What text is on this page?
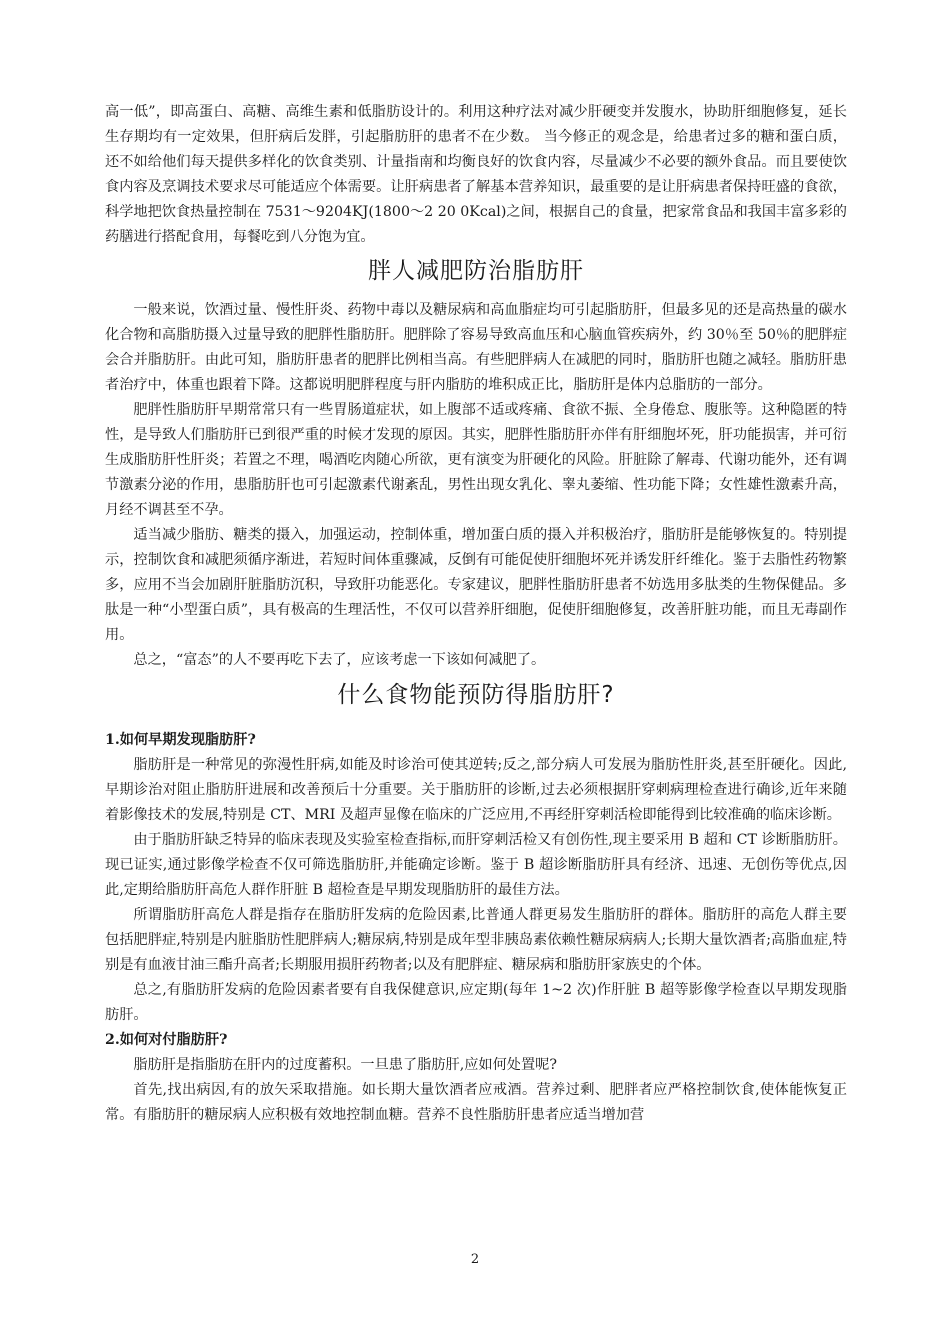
高一低”，即高蛋白、高糖、高维生素和低脂肪设计的。利用这种疗法对减少肝硬变并发腹水，协助肝细胞修复，延长生存期均有一定效果，但肝病后发胖，引起脂肪肝的患者不在少数。 当今修正的观念是，给患者过多的糖和蛋白质，还不如给他们每天提供多样化的饮食类别、计量指南和均衡良好的饮食内容，尽量减少不必要的额外食品。而且要使饮食内容及烹调技术要求尽可能适应个体需要。让肝病患者了解基本营养知识，最重要的是让肝病患者保持旺盛的食欲，科学地把饮食热量控制在 7531～9204KJ(1800～2 20 0Kcal)之间，根据自己的食量，把家常食品和我国丰富多彩的药膳进行搭配食用，每餐吃到八分饱为宜。

胖人减肥防治脂肪肝

一般来说，饮酒过量、慢性肝炎、药物中毒以及糖尿病和高血脂症均可引起脂肪肝，但最多见的还是高热量的碳水化合物和高脂肪摄入过量导致的肥胖性脂肪肝。肥胖除了容易导致高血压和心脑血管疾病外，约 30％至 50％的肥胖症会合并脂肪肝。由此可知，脂肪肝患者的肥胖比例相当高。有些肥胖病人在减肥的同时，脂肪肝也随之减轻。脂肪肝患者治疗中，体重也跟着下降。这都说明肥胖程度与肝内脂肪的堆积成正比，脂肪肝是体内总脂肪的一部分。

肥胖性脂肪肝早期常常只有一些胃肠道症状，如上腹部不适或疼痛、食欲不振、全身倦怠、腹胀等。这种隐匿的特性，是导致人们脂肪肝已到很严重的时候才发现的原因。其实，肥胖性脂肪肝亦伴有肝细胞坏死，肝功能损害，并可衍生成脂肪肝性肝炎；若置之不理，喝酒吃肉随心所欲，更有演变为肝硬化的风险。肝脏除了解毒、代谢功能外，还有调节激素分泌的作用，患脂肪肝也可引起激素代谢紊乱，男性出现女乳化、睾丸萎缩、性功能下降；女性雄性激素升高，月经不调甚至不孕。

适当减少脂肪、糖类的摄入，加强运动，控制体重，增加蛋白质的摄入并积极治疗，脂肪肝是能够恢复的。特别提示，控制饮食和减肥须循序渐进，若短时间体重骤减，反倒有可能促使肝细胞坏死并诱发肝纤维化。鉴于去脂性药物繁多，应用不当会加剧肝脏脂肪沉积，导致肝功能恶化。专家建议，肥胖性脂肪肝患者不妨选用多肽类的生物保健品。多肽是一种“小型蛋白质”，具有极高的生理活性，不仅可以营养肝细胞，促使肝细胞修复，改善肝脏功能，而且无毒副作用。

总之，“富态”的人不要再吃下去了，应该考虑一下该如何减肥了。

什么食物能预防得脂肪肝?

1.如何早期发现脂肪肝?

脂肪肝是一种常见的弥漫性肝病,如能及时诊治可使其逆转;反之,部分病人可发展为脂肪性肝炎,甚至肝硬化。因此,早期诊治对阻止脂肪肝进展和改善预后十分重要。关于脂肪肝的诊断,过去必须根据肝穿刺病理检查进行确诊,近年来随着影像技术的发展,特别是 CT、MRI 及超声显像在临床的广泛应用,不再经肝穿刺活检即能得到比较准确的临床诊断。

由于脂肪肝缺乏特异的临床表现及实验室检查指标,而肝穿刺活检又有创伤性,现主要采用 B 超和 CT 诊断脂肪肝。现已证实,通过影像学检查不仅可筛选脂肪肝,并能确定诊断。鉴于 B 超诊断脂肪肝具有经济、迅速、无创伤等优点,因此,定期给脂肪肝高危人群作肝脏 B 超检查是早期发现脂肪肝的最佳方法。

所谓脂肪肝高危人群是指存在脂肪肝发病的危险因素,比普通人群更易发生脂肪肝的群体。脂肪肝的高危人群主要包括肥胖症,特别是内脏脂肪性肥胖病人;糖尿病,特别是成年型非胰岛素依赖性糖尿病病人;长期大量饮酒者;高脂血症,特别是有血液甘油三酯升高者;长期服用损肝药物者;以及有肥胖症、糖尿病和脂肪肝家族史的个体。

总之,有脂肪肝发病的危险因素者要有自我保健意识,应定期(每年 1~2 次)作肝脏 B 超等影像学检查以早期发现脂肪肝。

2.如何对付脂肪肝?

脂肪肝是指脂肪在肝内的过度蓄积。一旦患了脂肪肝,应如何处置呢?

首先,找出病因,有的放矢采取措施。如长期大量饮酒者应戒酒。营养过剩、肥胖者应严格控制饮食,使体能恢复正常。有脂肪肝的糖尿病人应积极有效地控制血糖。营养不良性脂肪肝患者应适当增加营

2
